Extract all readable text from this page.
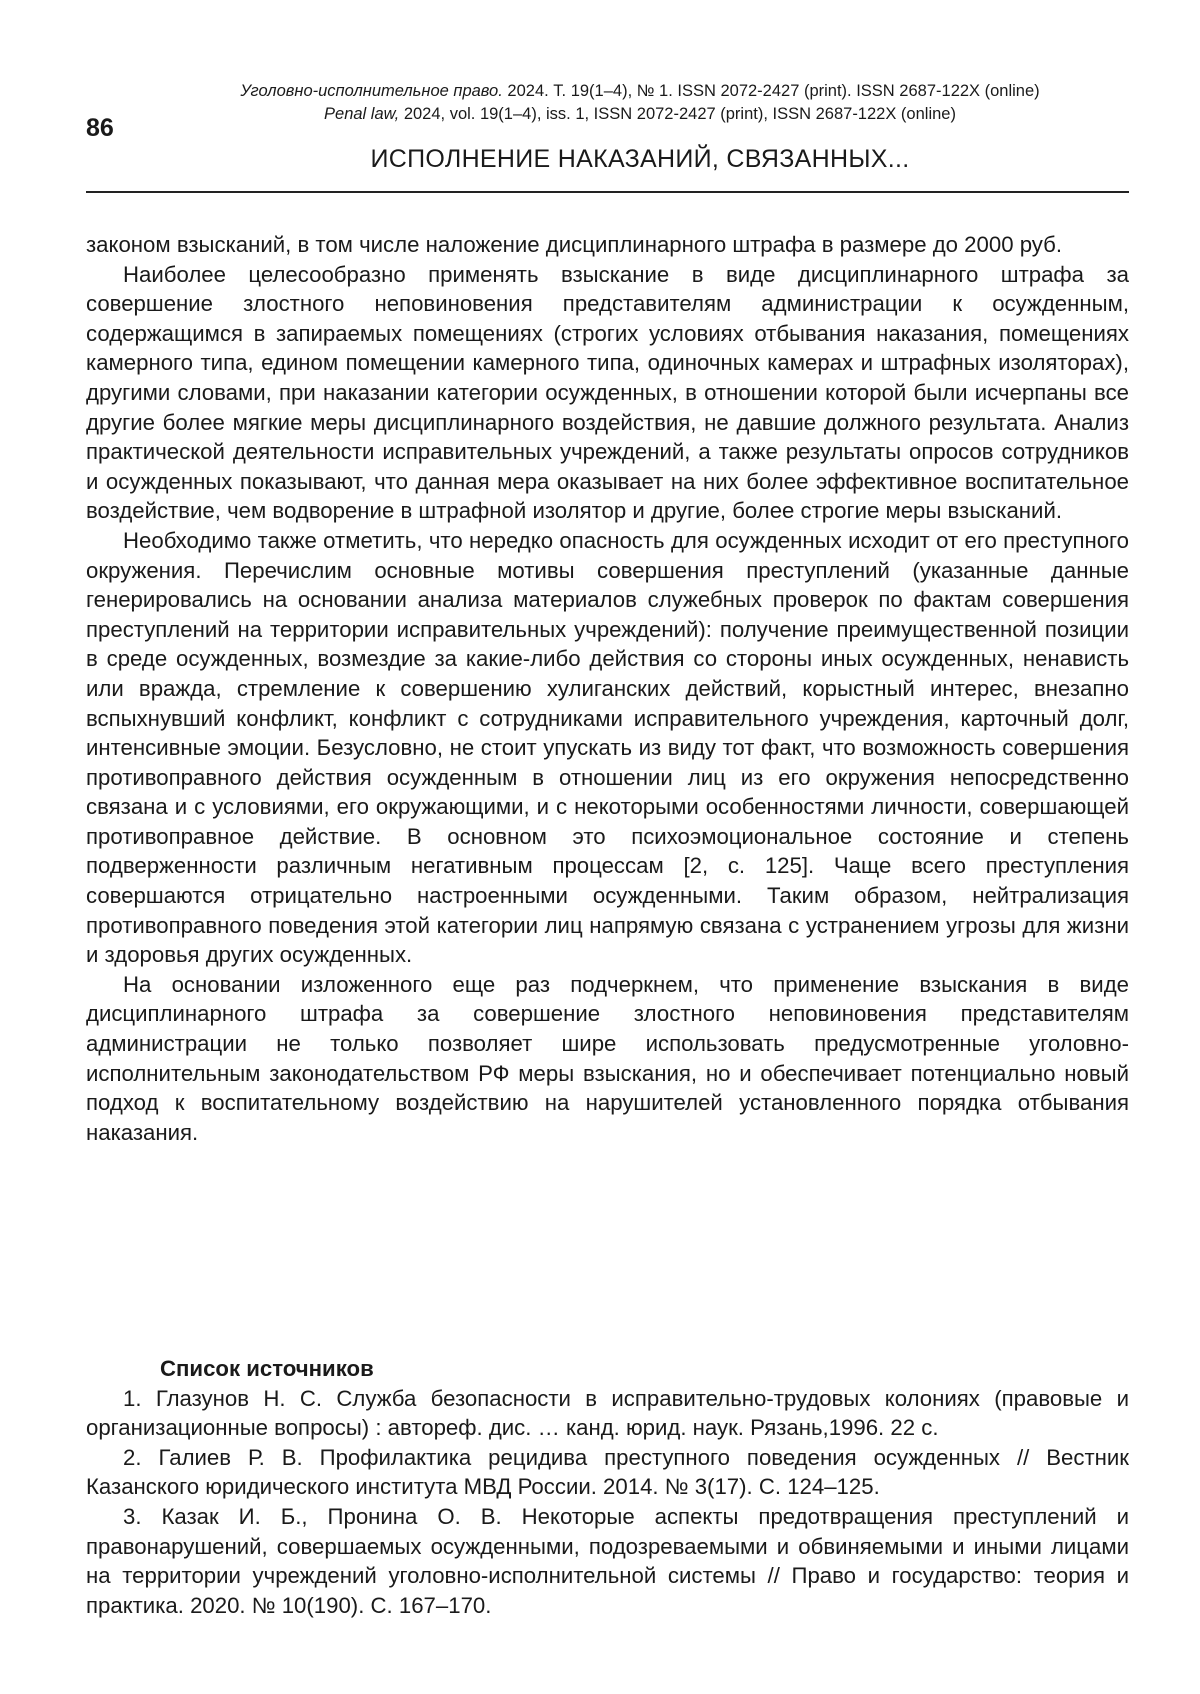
86
Уголовно-исполнительное право. 2024. Т. 19(1–4), № 1. ISSN 2072-2427 (print). ISSN 2687-122X (online)
Penal law, 2024, vol. 19(1–4), iss. 1, ISSN 2072-2427 (print), ISSN 2687-122X (online)
ИСПОЛНЕНИЕ НАКАЗАНИЙ, СВЯЗАННЫХ...

законом взысканий, в том числе наложение дисциплинарного штрафа в размере до 2000 руб.

Наиболее целесообразно применять взыскание в виде дисциплинарного штрафа за совершение злостного неповиновения представителям администрации к осужденным, содержащимся в запираемых помещениях (строгих условиях отбывания наказания, помещениях камерного типа, едином помещении камерного типа, одиночных камерах и штрафных изоляторах), другими словами, при наказании категории осужденных, в отношении которой были исчерпаны все другие более мягкие меры дисциплинарного воздействия, не давшие должного результата. Анализ практической деятельности исправительных учреждений, а также результаты опросов сотрудников и осужденных показывают, что данная мера оказывает на них более эффективное воспитательное воздействие, чем водворение в штрафной изолятор и другие, более строгие меры взысканий.

Необходимо также отметить, что нередко опасность для осужденных исходит от его преступного окружения. Перечислим основные мотивы совершения преступлений (указанные данные генерировались на основании анализа материалов служебных проверок по фактам совершения преступлений на территории исправительных учреждений): получение преимущественной позиции в среде осужденных, возмездие за какие-либо действия со стороны иных осужденных, ненависть или вражда, стремление к совершению хулиганских действий, корыстный интерес, внезапно вспыхнувший конфликт, конфликт с сотрудниками исправительного учреждения, карточный долг, интенсивные эмоции. Безусловно, не стоит упускать из виду тот факт, что возможность совершения противоправного действия осужденным в отношении лиц из его окружения непосредственно связана и с условиями, его окружающими, и с некоторыми особенностями личности, совершающей противоправное действие. В основном это психоэмоциональное состояние и степень подверженности различным негативным процессам [2, с. 125]. Чаще всего преступления совершаются отрицательно настроенными осужденными. Таким образом, нейтрализация противоправного поведения этой категории лиц напрямую связана с устранением угрозы для жизни и здоровья других осужденных.

На основании изложенного еще раз подчеркнем, что применение взыскания в виде дисциплинарного штрафа за совершение злостного неповиновения представителям администрации не только позволяет шире использовать предусмотренные уголовно-исполнительным законодательством РФ меры взыскания, но и обеспечивает потенциально новый подход к воспитательному воздействию на нарушителей установленного порядка отбывания наказания.

Список источников

1. Глазунов Н. С. Служба безопасности в исправительно-трудовых колониях (правовые и организационные вопросы) : автореф. дис. … канд. юрид. наук. Рязань,1996. 22 с.

2. Галиев Р. В. Профилактика рецидива преступного поведения осужденных // Вестник Казанского юридического института МВД России. 2014. № 3(17). С. 124–125.

3. Казак И. Б., Пронина О. В. Некоторые аспекты предотвращения преступлений и правонарушений, совершаемых осужденными, подозреваемыми и обвиняемыми и иными лицами на территории учреждений уголовно-исполнительной системы // Право и государство: теория и практика. 2020. № 10(190). С. 167–170.
